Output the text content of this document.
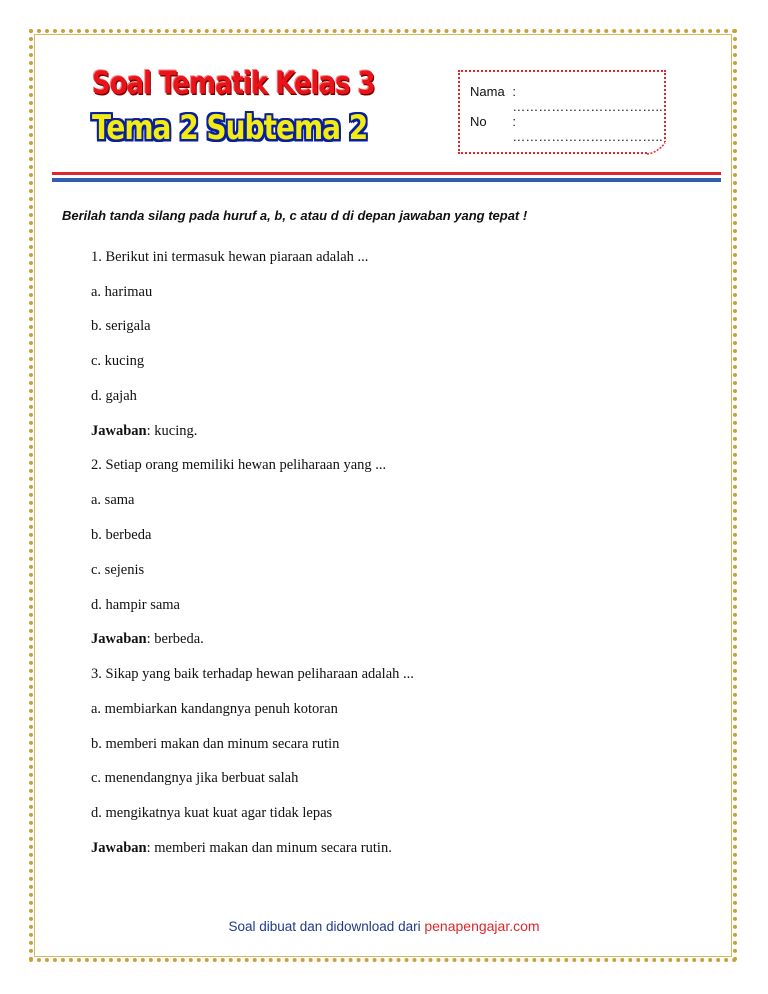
Soal Tematik Kelas 3
Tema 2 Subtema 2
Nama : ……………………………..
No	: ……………………………..
Berilah tanda silang pada huruf a, b, c atau d di depan jawaban yang tepat !
1. Berikut ini termasuk hewan piaraan adalah ...
a. harimau
b. serigala
c. kucing
d. gajah
Jawaban: kucing.
2. Setiap orang memiliki hewan peliharaan yang ...
a. sama
b. berbeda
c. sejenis
d. hampir sama
Jawaban: berbeda.
3. Sikap yang baik terhadap hewan peliharaan adalah ...
a. membiarkan kandangnya penuh kotoran
b. memberi makan dan minum secara rutin
c. menendangnya jika berbuat salah
d. mengikatnya kuat kuat agar tidak lepas
Jawaban: memberi makan dan minum secara rutin.
Soal dibuat dan didownload dari penapengajar.com
